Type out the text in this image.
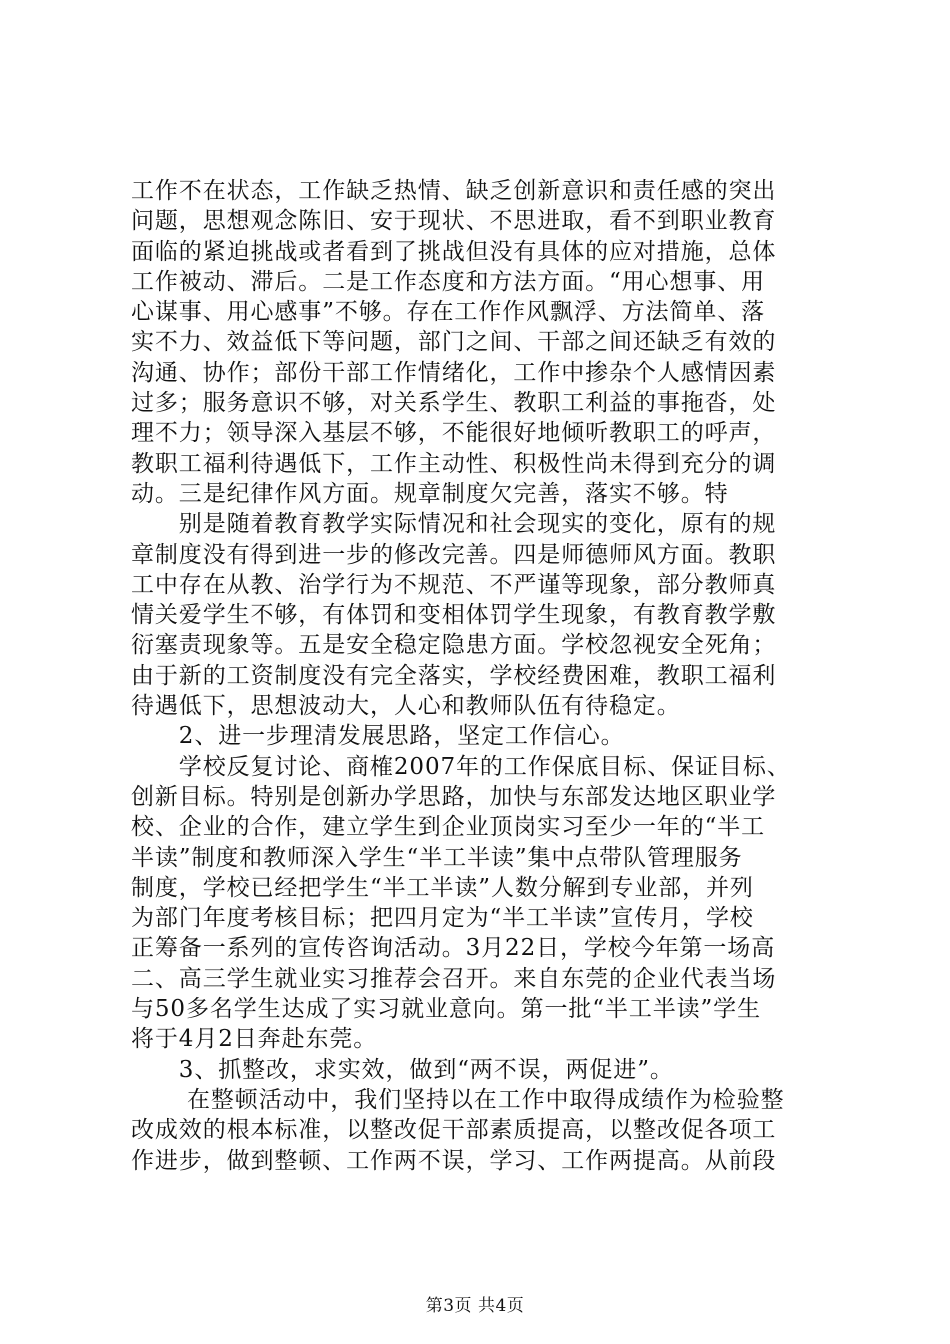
工作不在状态，工作缺乏热情、缺乏创新意识和责任感的突出
问题，思想观念陈旧、安于现状、不思进取，看不到职业教育
面临的紧迫挑战或者看到了挑战但没有具体的应对措施，总体
工作被动、滞后。二是工作态度和方法方面。“用心想事、用
心谋事、用心感事”不够。存在工作作风飘浮、方法简单、落
实不力、效益低下等问题，部门之间、干部之间还缺乏有效的
沟通、协作；部份干部工作情绪化，工作中掺杂个人感情因素
过多；服务意识不够，对关系学生、教职工利益的事拖沓，处
理不力；领导深入基层不够，不能很好地倾听教职工的呼声，
教职工福利待遇低下，工作主动性、积极性尚未得到充分的调
动。三是纪律作风方面。规章制度欠完善，落实不够。特
　　别是随着教育教学实际情况和社会现实的变化，原有的规
章制度没有得到进一步的修改完善。四是师德师风方面。教职
工中存在从教、治学行为不规范、不严谨等现象，部分教师真
情关爱学生不够，有体罚和变相体罚学生现象，有教育教学敷
衍塞责现象等。五是安全稳定隐患方面。学校忽视安全死角；
由于新的工资制度没有完全落实，学校经费困难，教职工福利
待遇低下，思想波动大，人心和教师队伍有待稳定。
　　2、进一步理清发展思路，坚定工作信心。
　　学校反复讨论、商榷2007年的工作保底目标、保证目标、
创新目标。特别是创新办学思路，加快与东部发达地区职业学
校、企业的合作，建立学生到企业顶岗实习至少一年的“半工
半读”制度和教师深入学生“半工半读”集中点带队管理服务
制度，学校已经把学生“半工半读”人数分解到专业部，并列
为部门年度考核目标；把四月定为“半工半读”宣传月，学校
正筹备一系列的宣传咨询活动。3月22日，学校今年第一场高
二、高三学生就业实习推荐会召开。来自东莞的企业代表当场
与50多名学生达成了实习就业意向。第一批“半工半读”学生
将于4月2日奔赴东莞。
　　3、抓整改，求实效，做到“两不误，两促进”。
　　 在整顿活动中，我们坚持以在工作中取得成绩作为检验整
改成效的根本标准，以整改促干部素质提高，以整改促各项工
作进步，做到整顿、工作两不误，学习、工作两提高。从前段
第3页 共4页
